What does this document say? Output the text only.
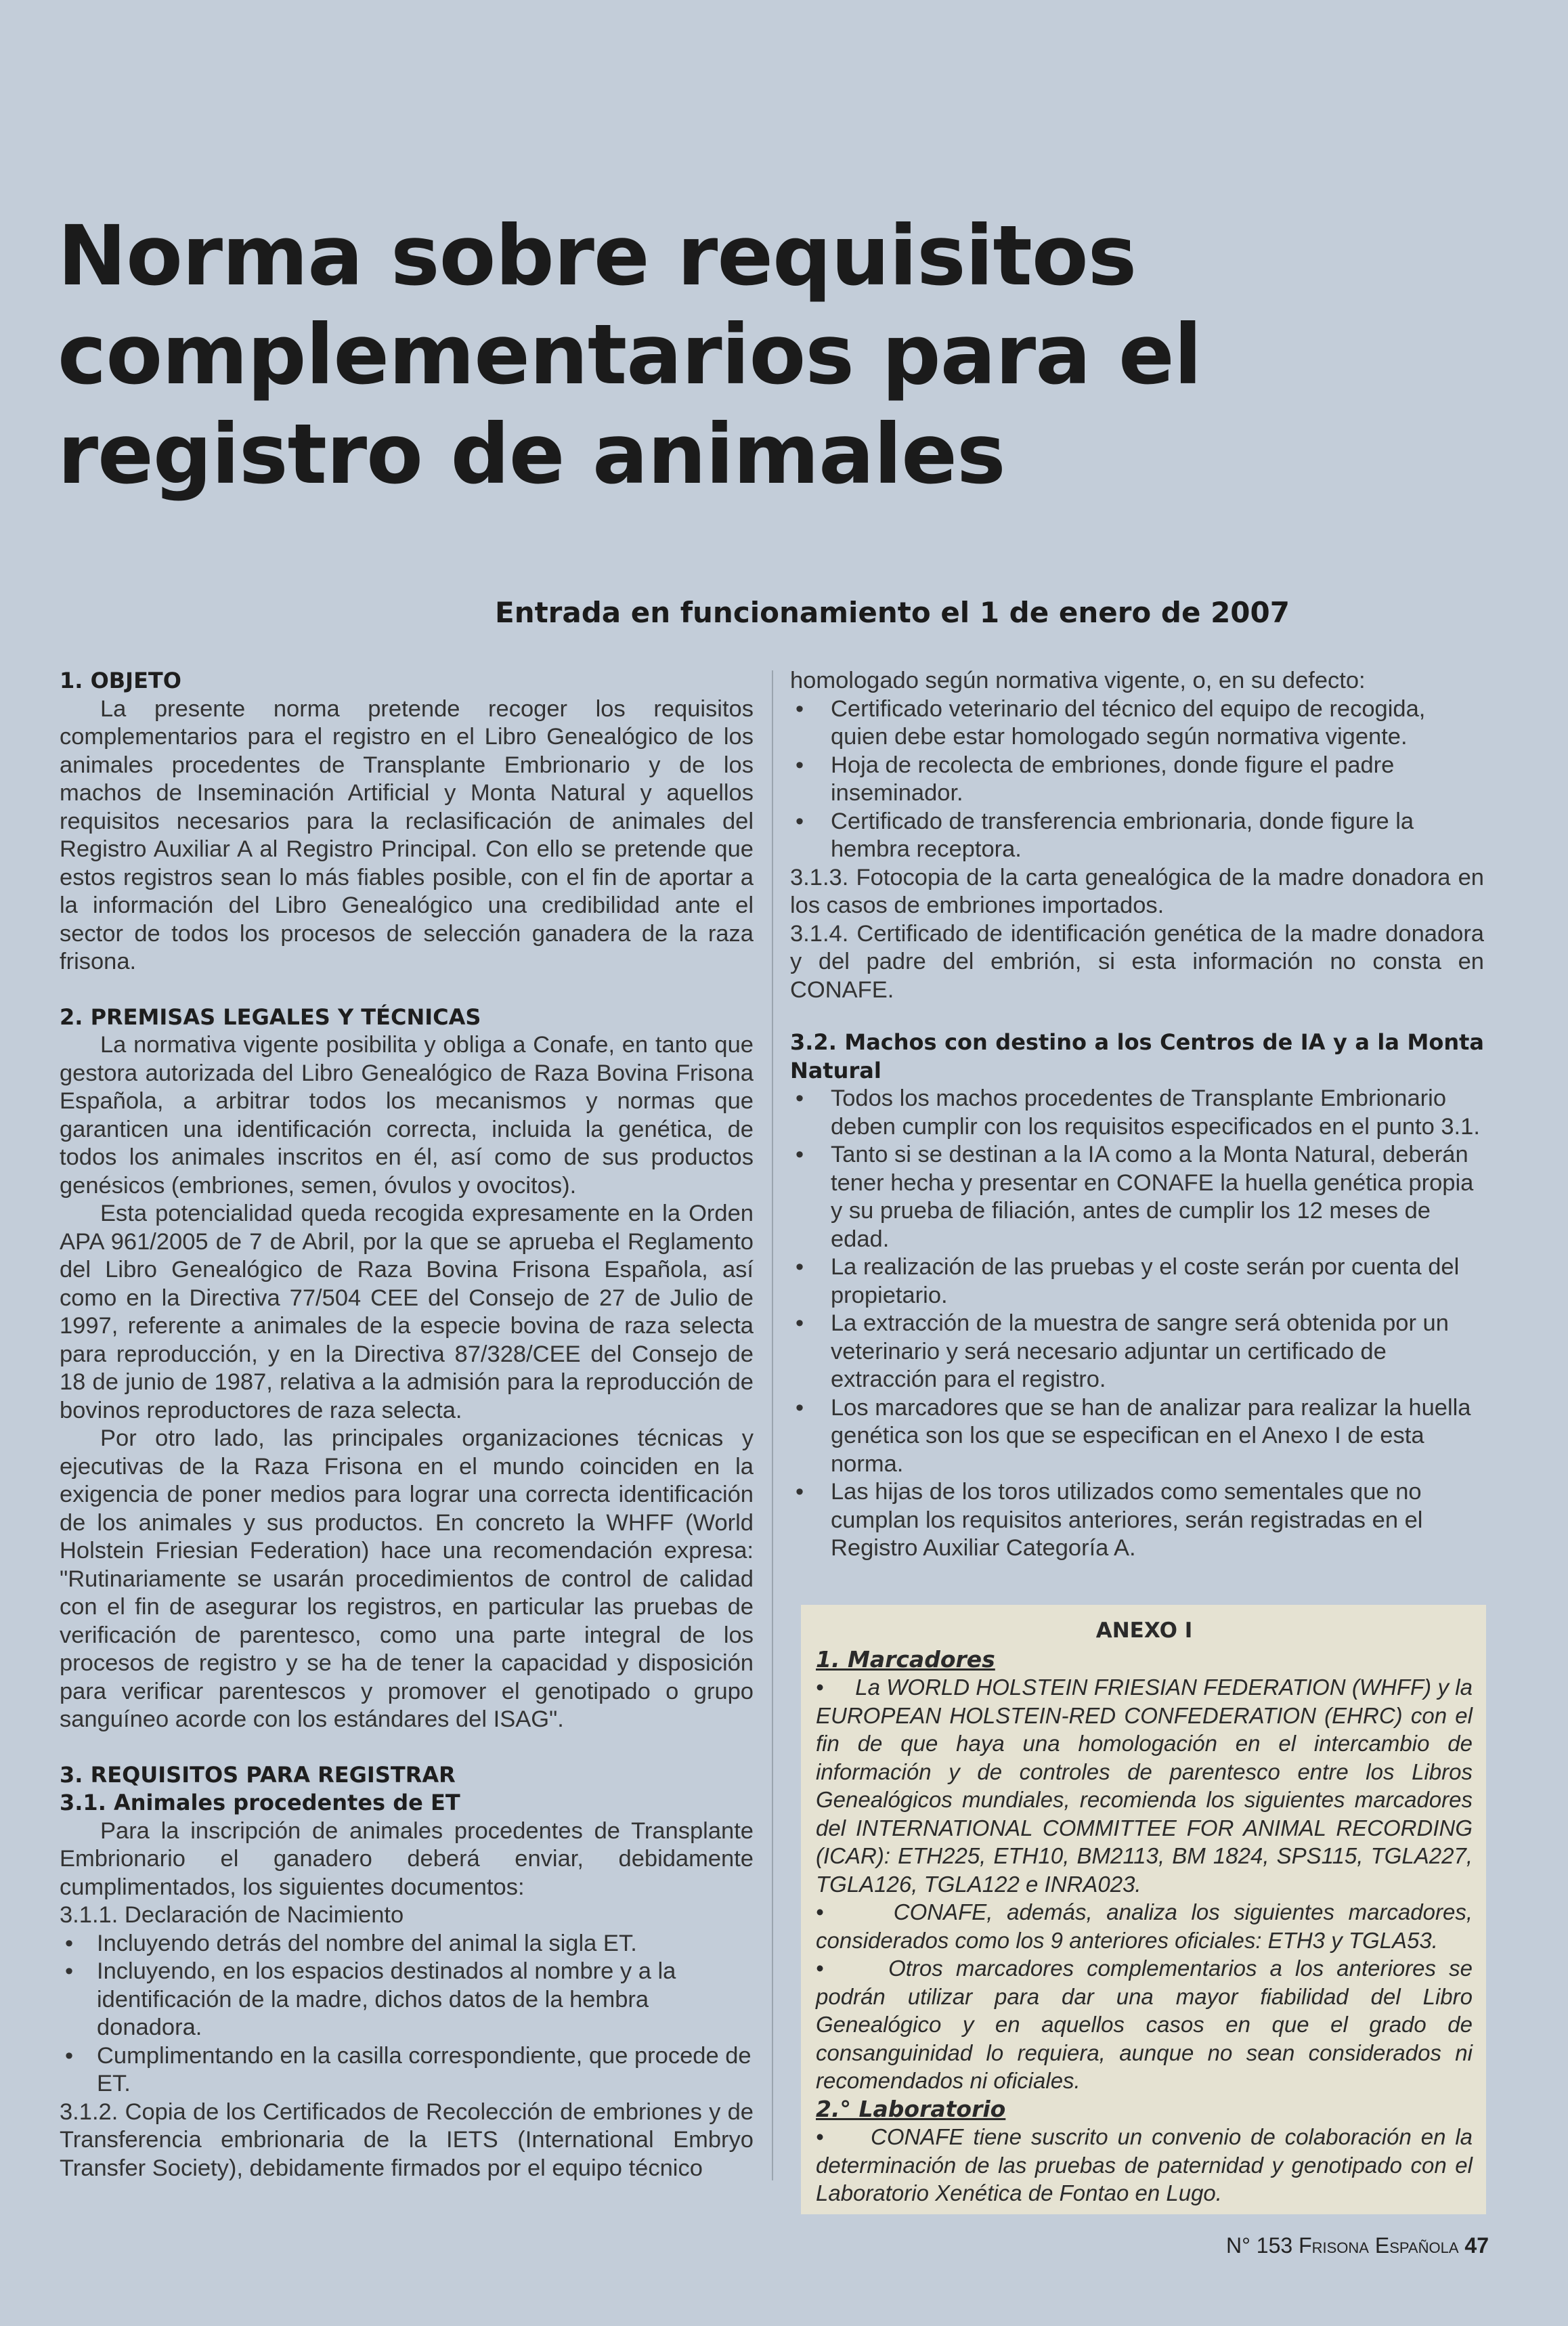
Norma sobre requisitos complementarios para el registro de animales
Entrada en funcionamiento el 1 de enero de 2007

1. OBJETO

La presente norma pretende recoger los requisitos complementarios para el registro en el Libro Genealógico de los animales procedentes de Transplante Embrionario y de los machos de Inseminación Artificial y Monta Natural y aquellos requisitos necesarios para la reclasificación de animales del Registro Auxiliar A al Registro Principal. Con ello se pretende que estos registros sean lo más fiables posible, con el fin de aportar a la información del Libro Genealógico una credibilidad ante el sector de todos los procesos de selección ganadera de la raza frisona.

2. PREMISAS LEGALES Y TÉCNICAS

La normativa vigente posibilita y obliga a Conafe, en tanto que gestora autorizada del Libro Genealógico de Raza Bovina Frisona Española, a arbitrar todos los mecanismos y normas que garanticen una identificación correcta, incluida la genética, de todos los animales inscritos en él, así como de sus productos genésicos (embriones, semen, óvulos y ovocitos).

Esta potencialidad queda recogida expresamente en la Orden APA 961/2005 de 7 de Abril, por la que se aprueba el Reglamento del Libro Genealógico de Raza Bovina Frisona Española, así como en la Directiva 77/504 CEE del Consejo de 27 de Julio de 1997, referente a animales de la especie bovina de raza selecta para reproducción, y en la Directiva 87/328/CEE del Consejo de 18 de junio de 1987, relativa a la admisión para la reproducción de bovinos reproductores de raza selecta.

Por otro lado, las principales organizaciones técnicas y ejecutivas de la Raza Frisona en el mundo coinciden en la exigencia de poner medios para lograr una correcta identificación de los animales y sus productos. En concreto la WHFF (World Holstein Friesian Federation) hace una recomendación expresa: "Rutinariamente se usarán procedimientos de control de calidad con el fin de asegurar los registros, en particular las pruebas de verificación de parentesco, como una parte integral de los procesos de registro y se ha de tener la capacidad y disposición para verificar parentescos y promover el genotipado o grupo sanguíneo acorde con los estándares del ISAG".

3. REQUISITOS PARA REGISTRAR

3.1. Animales procedentes de ET

Para la inscripción de animales procedentes de Transplante Embrionario el ganadero deberá enviar, debidamente cumplimentados, los siguientes documentos:

3.1.1. Declaración de Nacimiento

• Incluyendo detrás del nombre del animal la sigla ET.
• Incluyendo, en los espacios destinados al nombre y a la identificación de la madre, dichos datos de la hembra donadora.
• Cumplimentando en la casilla correspondiente, que procede de ET.

3.1.2. Copia de los Certificados de Recolección de embriones y de Transferencia embrionaria de la IETS (International Embryo Transfer Society), debidamente firmados por el equipo técnico

homologado según normativa vigente, o, en su defecto:

• Certificado veterinario del técnico del equipo de recogida, quien debe estar homologado según normativa vigente.
• Hoja de recolecta de embriones, donde figure el padre inseminador.
• Certificado de transferencia embrionaria, donde figure la hembra receptora.

3.1.3. Fotocopia de la carta genealógica de la madre donadora en los casos de embriones importados.

3.1.4. Certificado de identificación genética de la madre donadora y del padre del embrión, si esta información no consta en CONAFE.

3.2. Machos con destino a los Centros de IA y a la Monta Natural

• Todos los machos procedentes de Transplante Embrionario deben cumplir con los requisitos especificados en el punto 3.1.
• Tanto si se destinan a la IA como a la Monta Natural, deberán tener hecha y presentar en CONAFE la huella genética propia y su prueba de filiación, antes de cumplir los 12 meses de edad.
• La realización de las pruebas y el coste serán por cuenta del propietario.
• La extracción de la muestra de sangre será obtenida por un veterinario y será necesario adjuntar un certificado de extracción para el registro.
• Los marcadores que se han de analizar para realizar la huella genética son los que se especifican en el Anexo I de esta norma.
• Las hijas de los toros utilizados como sementales que no cumplan los requisitos anteriores, serán registradas en el Registro Auxiliar Categoría A.
ANEXO I
1. Marcadores

•     La WORLD HOLSTEIN FRIESIAN FEDERATION (WHFF) y la EUROPEAN HOLSTEIN-RED CONFEDERATION (EHRC) con el fin de que haya una homologación en el intercambio de información y de controles de parentesco entre los Libros Genealógicos mundiales, recomienda los siguientes marcadores del INTERNATIONAL COMMITTEE FOR ANIMAL RECORDING (ICAR): ETH225, ETH10, BM2113, BM 1824, SPS115, TGLA227, TGLA126, TGLA122 e INRA023.

•     CONAFE, además, analiza los siguientes marcadores, considerados como los 9 anteriores oficiales: ETH3 y TGLA53.

•     Otros marcadores complementarios a los anteriores se podrán utilizar para dar una mayor fiabilidad del Libro Genealógico y en aquellos casos en que el grado de consanguinidad lo requiera, aunque no sean considerados ni recomendados ni oficiales.

2.° Laboratorio

•     CONAFE tiene suscrito un convenio de colaboración en la determinación de las pruebas de paternidad y genotipado con el Laboratorio Xenética de Fontao en Lugo.

N° 153 Frisona Española 47
